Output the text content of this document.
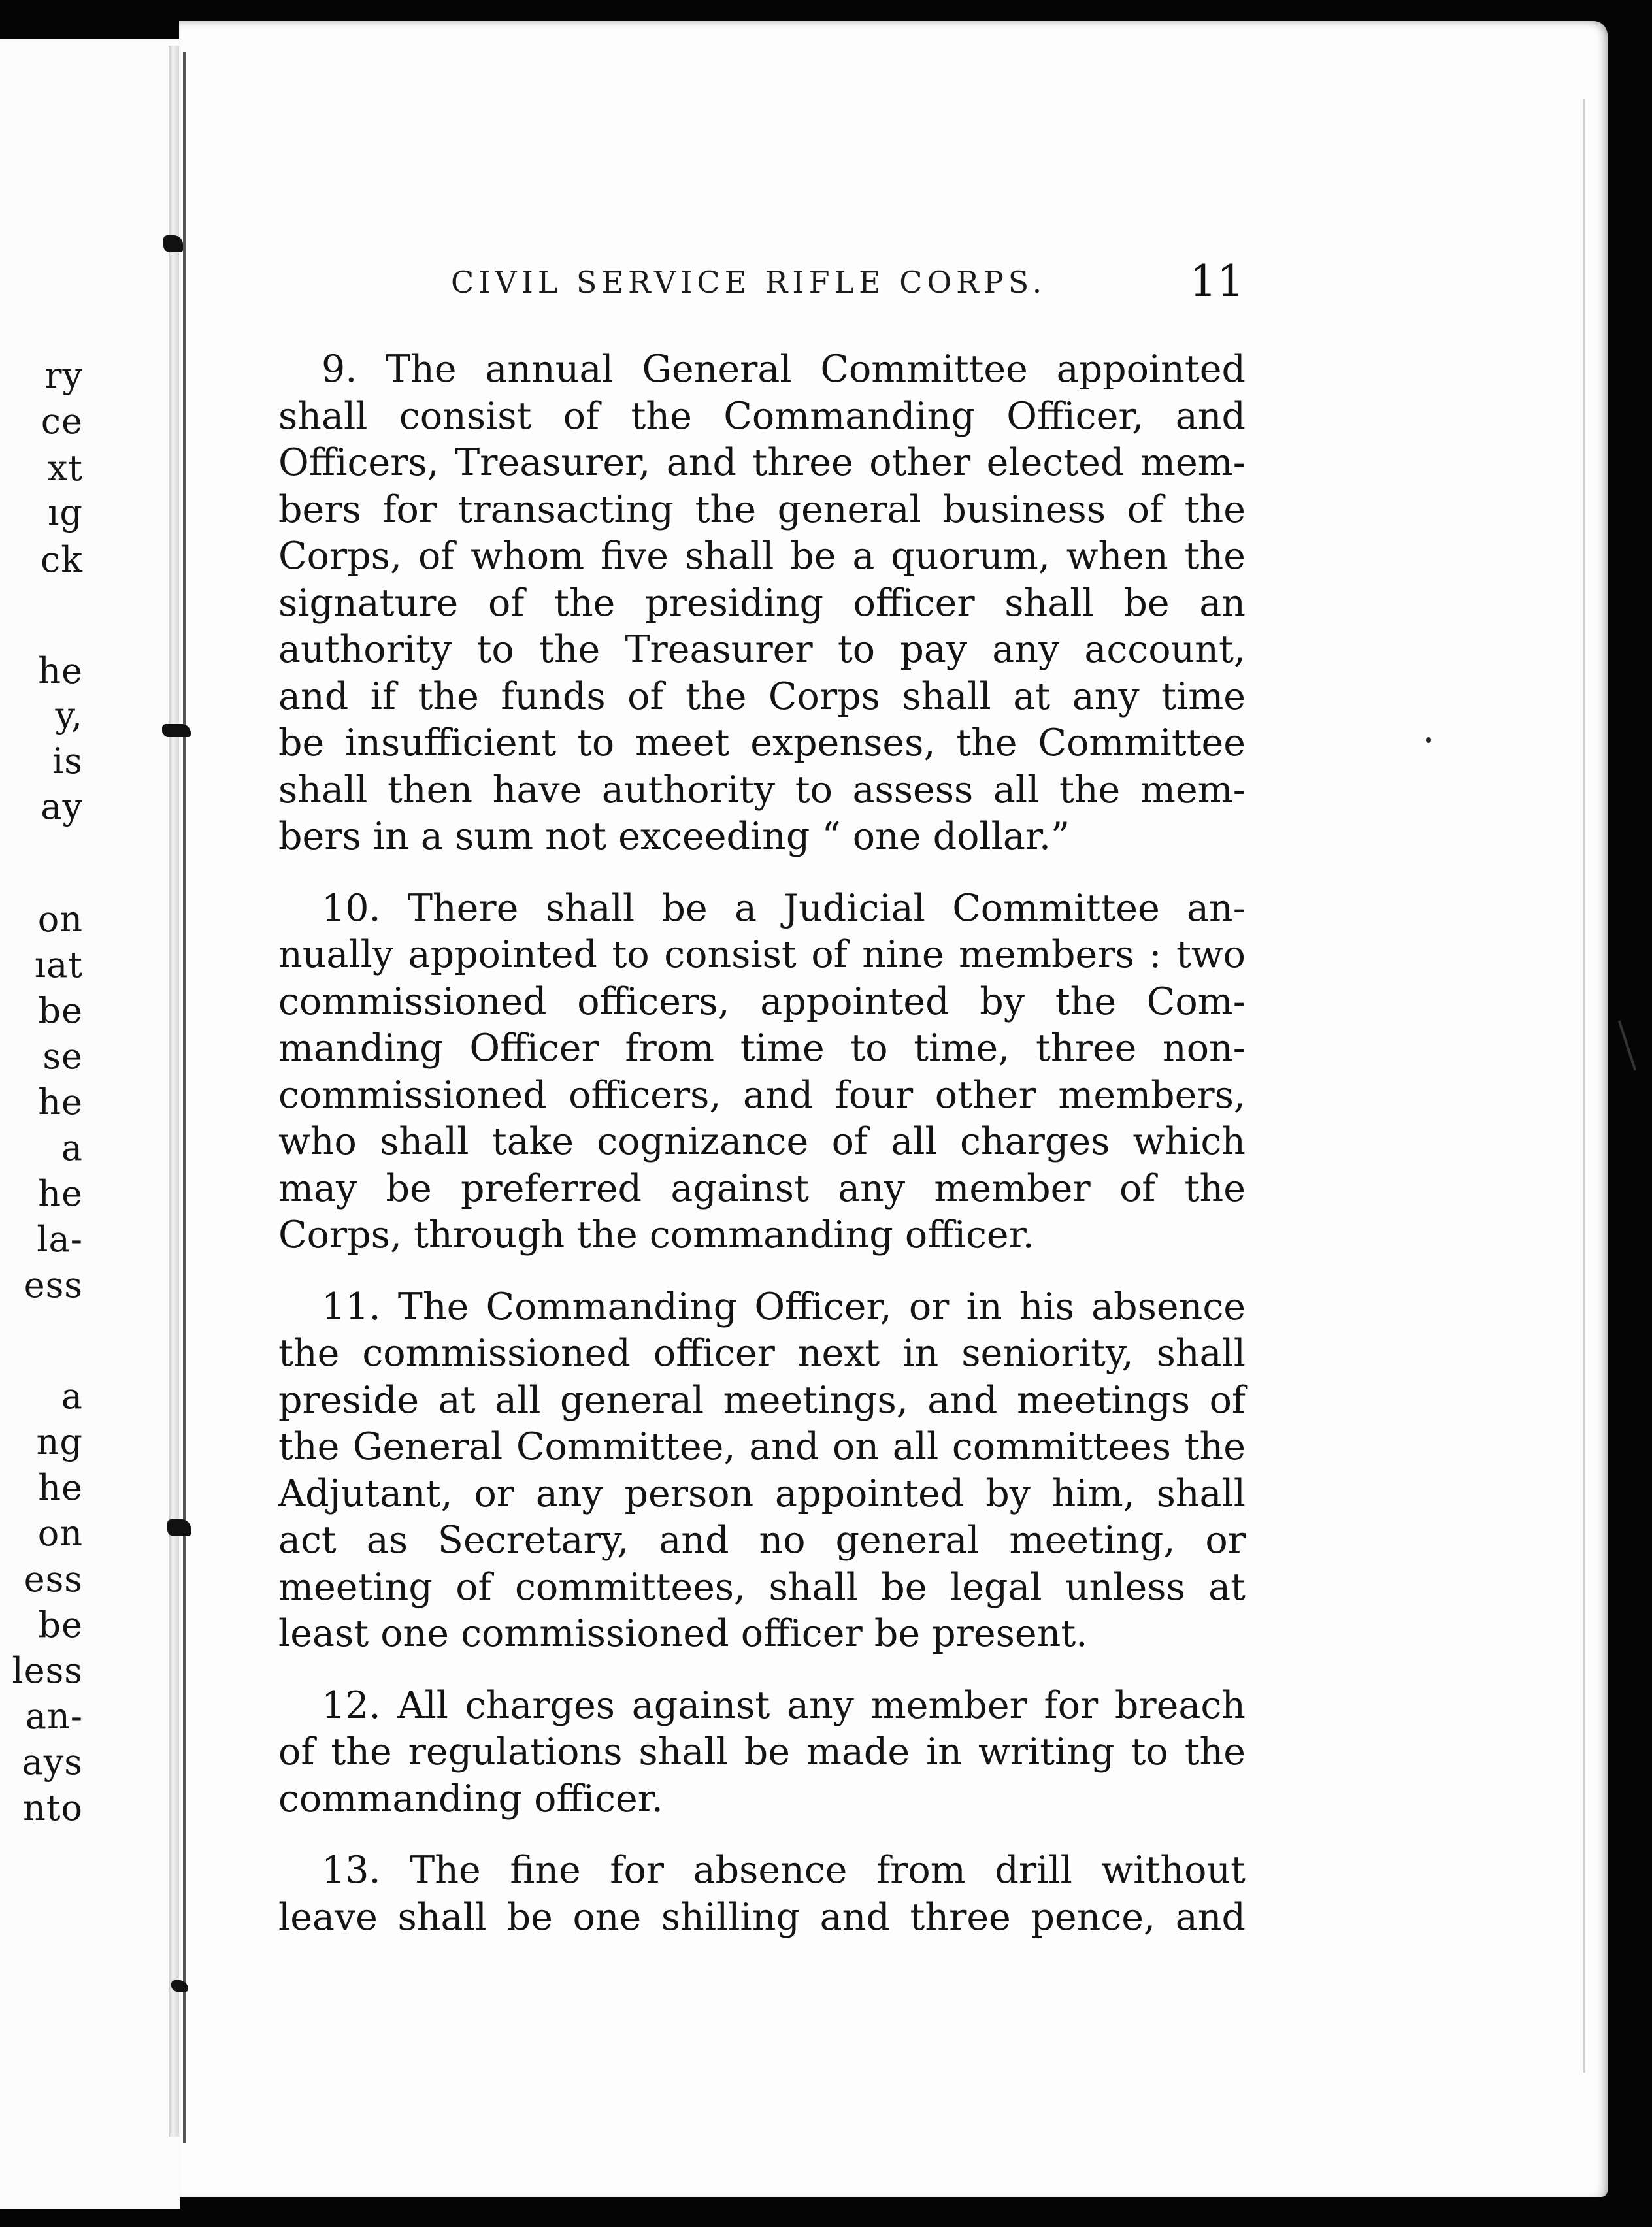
ry
ce
xt
ıg
ck
he
y,
is
ay
on
ıat
be
se
he
a
he
la-
ess
a
ng
he
on
ess
be
less
an-
ays
nto
CIVIL SERVICE RIFLE CORPS.	11
9. The annual General Committee appointed
shall consist of the Commanding Officer, and
Officers, Treasurer, and three other elected mem-
bers for transacting the general business of the
Corps, of whom five shall be a quorum, when the
signature of the presiding officer shall be an
authority to the Treasurer to pay any account,
and if the funds of the Corps shall at any time
be insufficient to meet expenses, the Committee
shall then have authority to assess all the mem-
bers in a sum not exceeding “ one dollar.”
10. There shall be a Judicial Committee an-
nually appointed to consist of nine members : two
commissioned officers, appointed by the Com-
manding Officer from time to time, three non-
commissioned officers, and four other members,
who shall take cognizance of all charges which
may be preferred against any member of the
Corps, through the commanding officer.
11. The Commanding Officer, or in his absence
the commissioned officer next in seniority, shall
preside at all general meetings, and meetings of
the General Committee, and on all committees the
Adjutant, or any person appointed by him, shall
act as Secretary, and no general meeting, or
meeting of committees, shall be legal unless at
least one commissioned officer be present.
12. All charges against any member for breach
of the regulations shall be made in writing to the
commanding officer.
13. The fine for absence from drill without
leave shall be one shilling and three pence, and
